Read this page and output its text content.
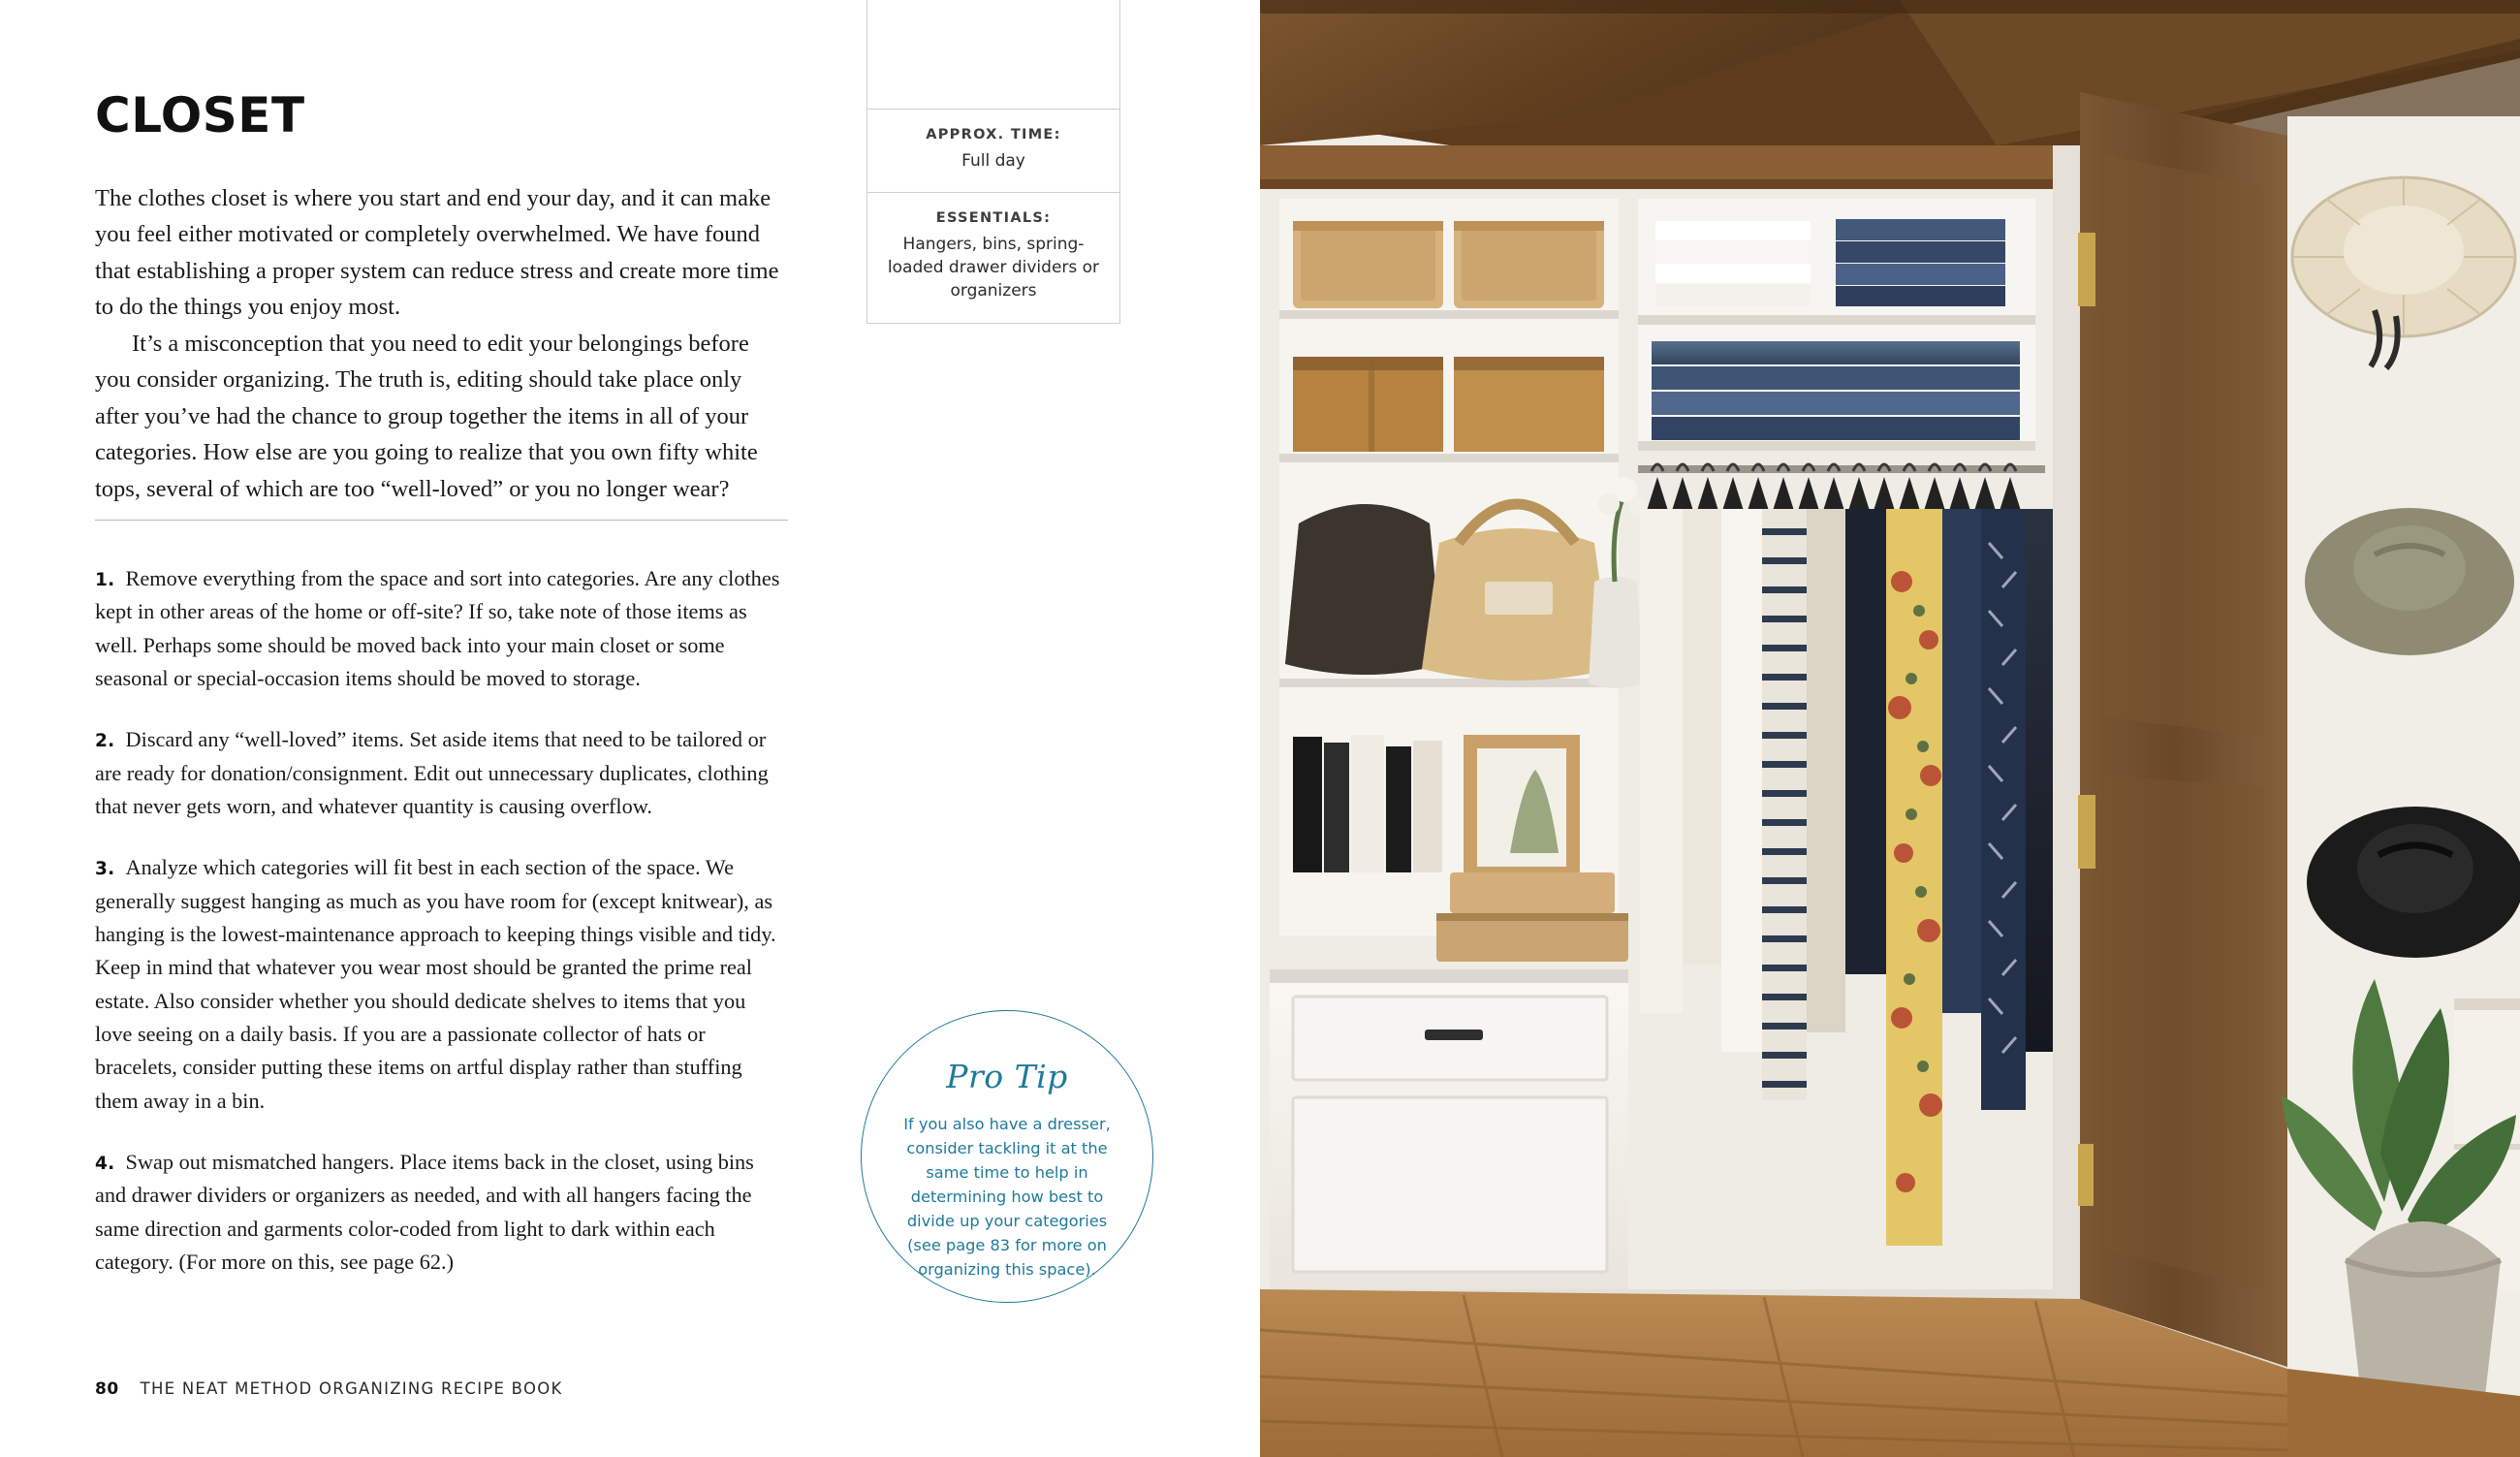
CLOSET

The clothes closet is where you start and end your day, and it can make you feel either motivated or completely overwhelmed. We have found that establishing a proper system can reduce stress and create more time to do the things you enjoy most.

It’s a misconception that you need to edit your belongings before you consider organizing. The truth is, editing should take place only after you’ve had the chance to group together the items in all of your categories. How else are you going to realize that you own fifty white tops, several of which are too “well-loved” or you no longer wear?

1. Remove everything from the space and sort into categories. Are any clothes kept in other areas of the home or off-site? If so, take note of those items as well. Perhaps some should be moved back into your main closet or some seasonal or special-occasion items should be moved to storage.

2. Discard any “well-loved” items. Set aside items that need to be tailored or are ready for donation/consignment. Edit out unnecessary duplicates, clothing that never gets worn, and whatever quantity is causing overflow.

3. Analyze which categories will fit best in each section of the space. We generally suggest hanging as much as you have room for (except knitwear), as hanging is the lowest-maintenance approach to keeping things visible and tidy. Keep in mind that whatever you wear most should be granted the prime real estate. Also consider whether you should dedicate shelves to items that you love seeing on a daily basis. If you are a passionate collector of hats or bracelets, consider putting these items on artful display rather than stuffing them away in a bin.

4. Swap out mismatched hangers. Place items back in the closet, using bins and drawer dividers or organizers as needed, and with all hangers facing the same direction and garments color-coded from light to dark within each category. (For more on this, see page 62.)

80 THE NEAT METHOD ORGANIZING RECIPE BOOK
APPROX. TIME:
Full day
ESSENTIALS:
Hangers, bins, spring-loaded drawer dividers or organizers
Pro Tip
If you also have a dresser, consider tackling it at the same time to help in determining how best to divide up your categories (see page 83 for more on organizing this space).
